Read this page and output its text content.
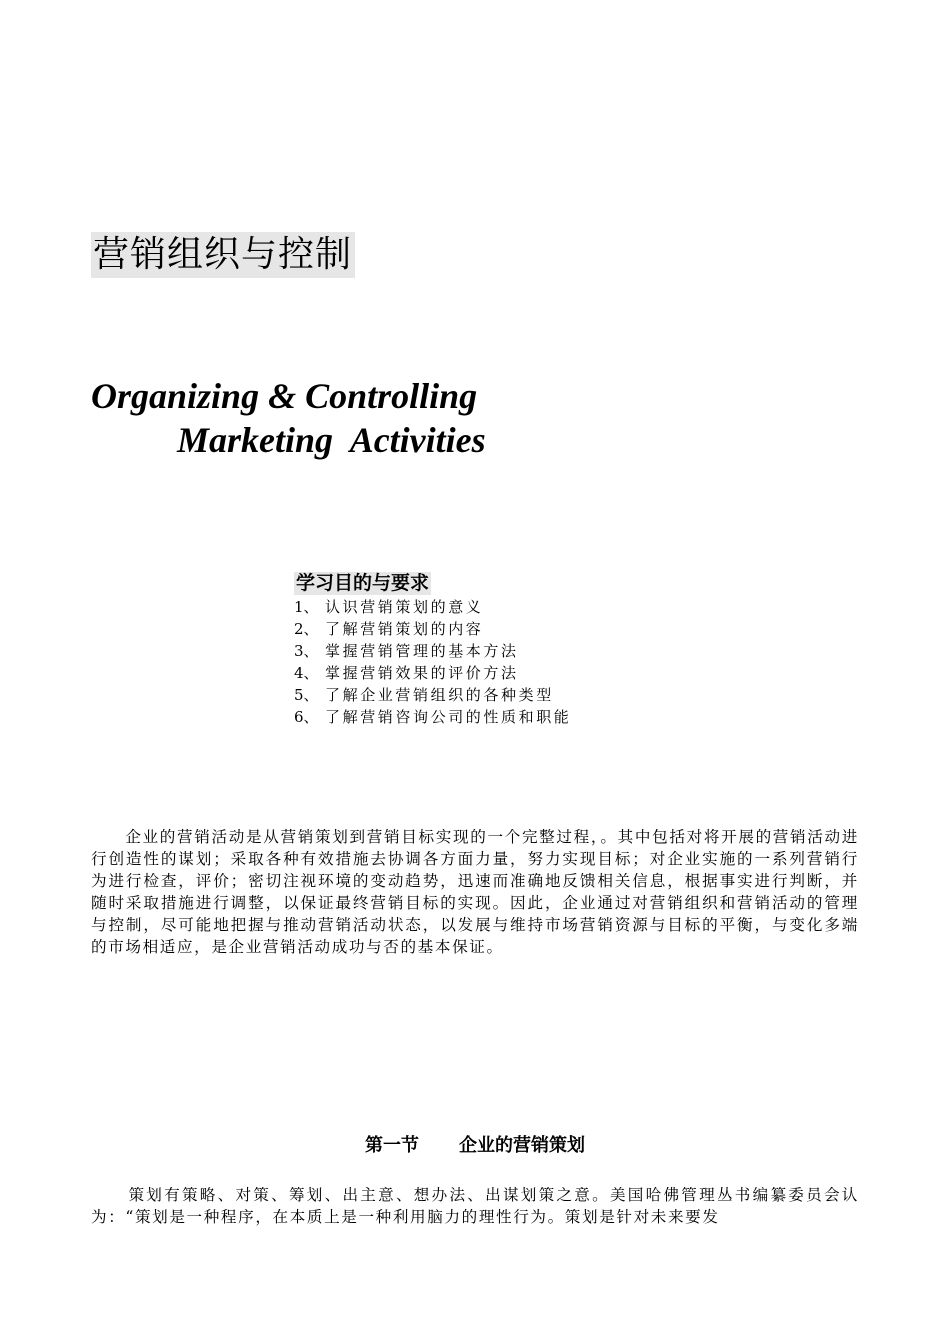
营销组织与控制
Organizing & Controlling
Marketing  Activities
学习目的与要求
1、 认识营销策划的意义
2、 了解营销策划的内容
3、 掌握营销管理的基本方法
4、 掌握营销效果的评价方法
5、 了解企业营销组织的各种类型
6、 了解营销咨询公司的性质和职能

企业的营销活动是从营销策划到营销目标实现的一个完整过程，。其中包括对将开展的营销活动进行创造性的谋划；采取各种有效措施去协调各方面力量，努力实现目标；对企业实施的一系列营销行为进行检查，评价；密切注视环境的变动趋势，迅速而准确地反馈相关信息，根据事实进行判断，并随时采取措施进行调整，以保证最终营销目标的实现。因此，企业通过对营销组织和营销活动的管理与控制，尽可能地把握与推动营销活动状态，以发展与维持市场营销资源与目标的平衡，与变化多端的市场相适应，是企业营销活动成功与否的基本保证。

第一节 企业的营销策划

策划有策略、对策、筹划、出主意、想办法、出谋划策之意。美国哈佛管理丛书编纂委员会认为：“策划是一种程序，在本质上是一种利用脑力的理性行为。策划是针对未来要发
